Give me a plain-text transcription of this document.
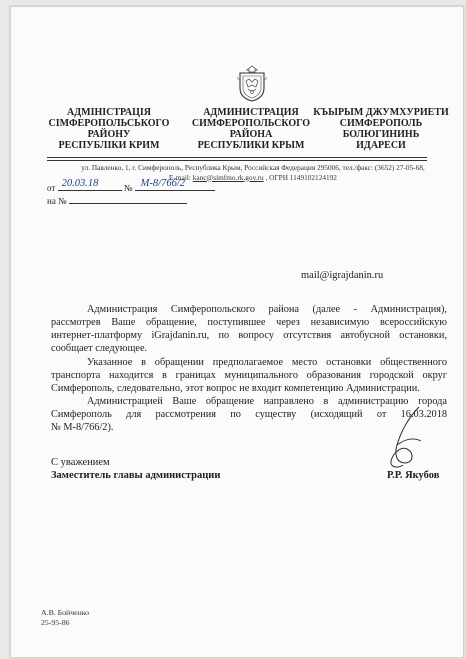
АДМІНІСТРАЦІЯ
СІМФЕРОПОЛЬСЬКОГО
РАЙОНУ
РЕСПУБЛІКИ КРИМ
АДМИНИСТРАЦИЯ
СИМФЕРОПОЛЬСКОГО
РАЙОНА
РЕСПУБЛИКИ КРЫМ
КЪЫРЫМ ДЖУМХУРИЕТИ
СИМФЕРОПОЛЬ
БОЛЮГИНИНЬ
ИДАРЕСИ
ул. Павленко, 1, г. Симферополь, Республика Крым, Российская Федерация 295006, тел./факс: (3652) 27-05-68,
E-mail: kanc@simfmo.rk.gov.ru , ОГРН 1149102124192
от 20.03.18	№ М-8/766/2
на №
mail@igrajdanin.ru
Администрация Симферопольского района (далее - Администрация),
рассмотрев Ваше обращение, поступившее через независимую всероссийскую
интернет-платформу iGrajdanin.ru, по вопросу отсутствия автобусной остановки,
сообщает следующее.
Указанное в обращении предполагаемое место остановки общественного
транспорта находится в границах муниципального образования городской округ
Симферополь, следовательно, этот вопрос не входит компетенцию Администрации.
Администрацией Ваше обращение направлено в администрацию города
Симферополь для рассмотрения по существу (исходящий от 16.03.2018
№ М-8/766/2).
С уважением
Заместитель главы администрации	Р.Р. Якубов
А.В. Бойченко
25-95-86
